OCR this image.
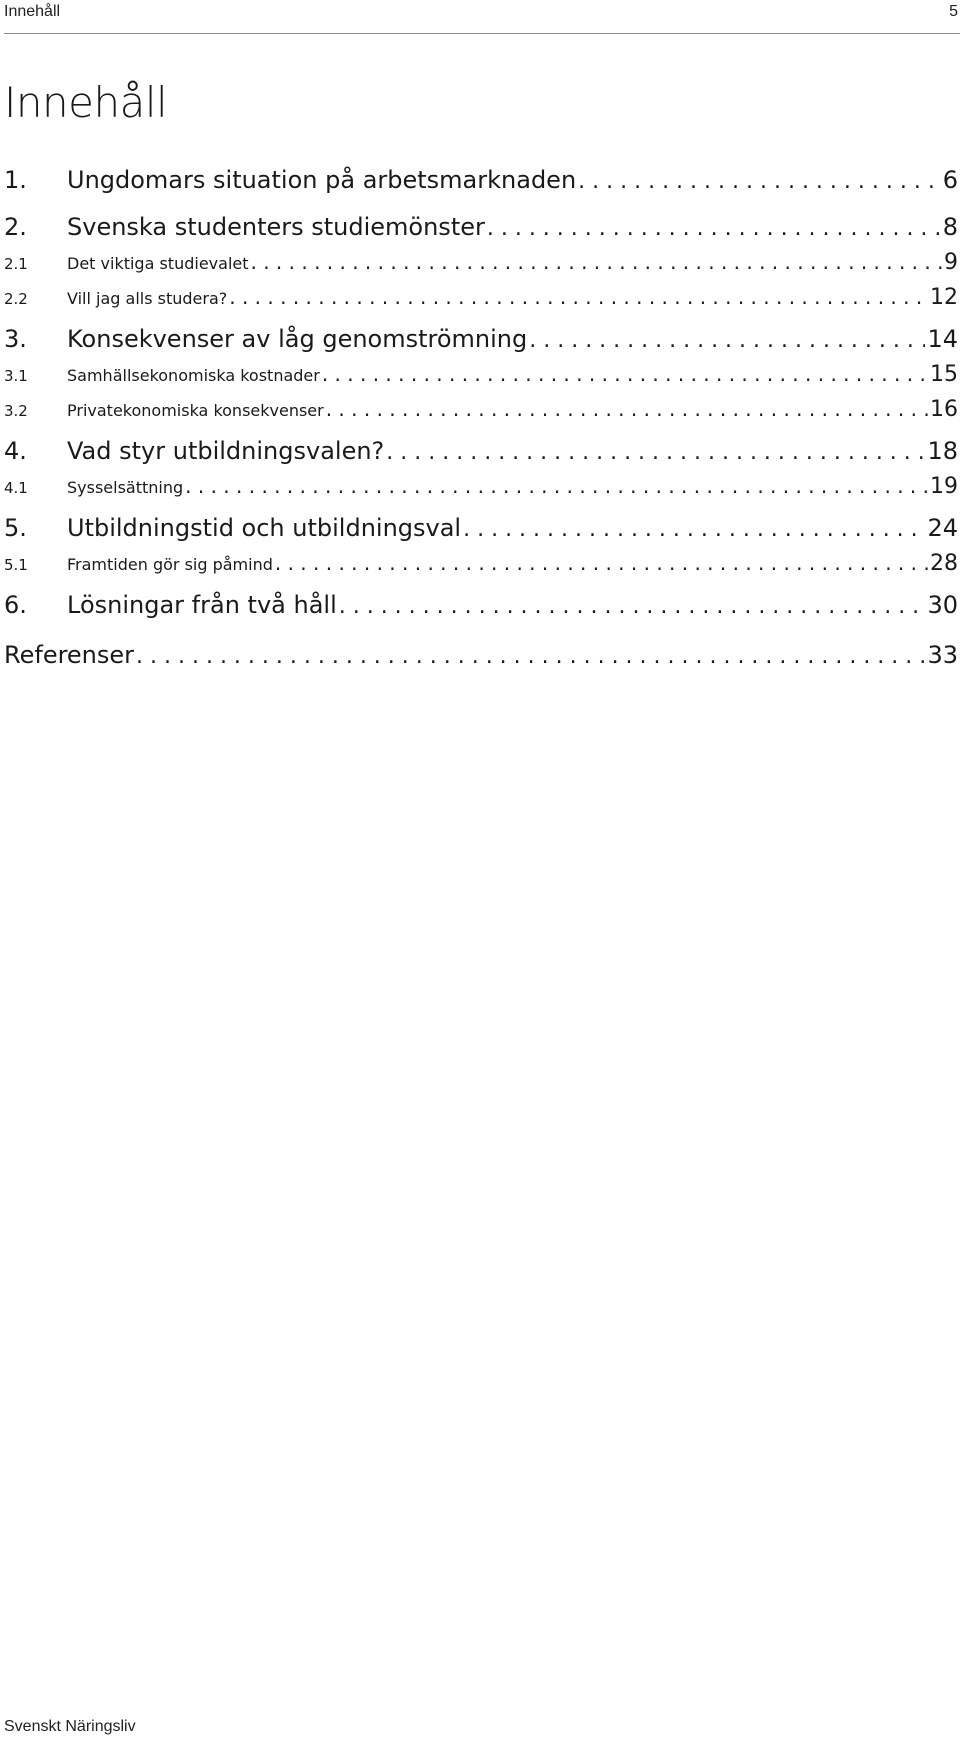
Innehåll	5
Innehåll
1.	Ungdomars situation på arbetsmarknaden . . .	6
2.	Svenska studenters studiemönster . . .	8
2.1	Det viktiga studievalet . . .	9
2.2	Vill jag alls studera? . . .	12
3.	Konsekvenser av låg genomströmning . . .	14
3.1	Samhällsekonomiska kostnader . . .	15
3.2	Privatekonomiska konsekvenser . . .	16
4.	Vad styr utbildningsvalen? . . .	18
4.1	Sysselsättning . . .	19
5.	Utbildningstid och utbildningsval . . .	24
5.1	Framtiden gör sig påmind . . .	28
6.	Lösningar från två håll . . .	30
Referenser . . .	33
Svenskt Näringsliv
